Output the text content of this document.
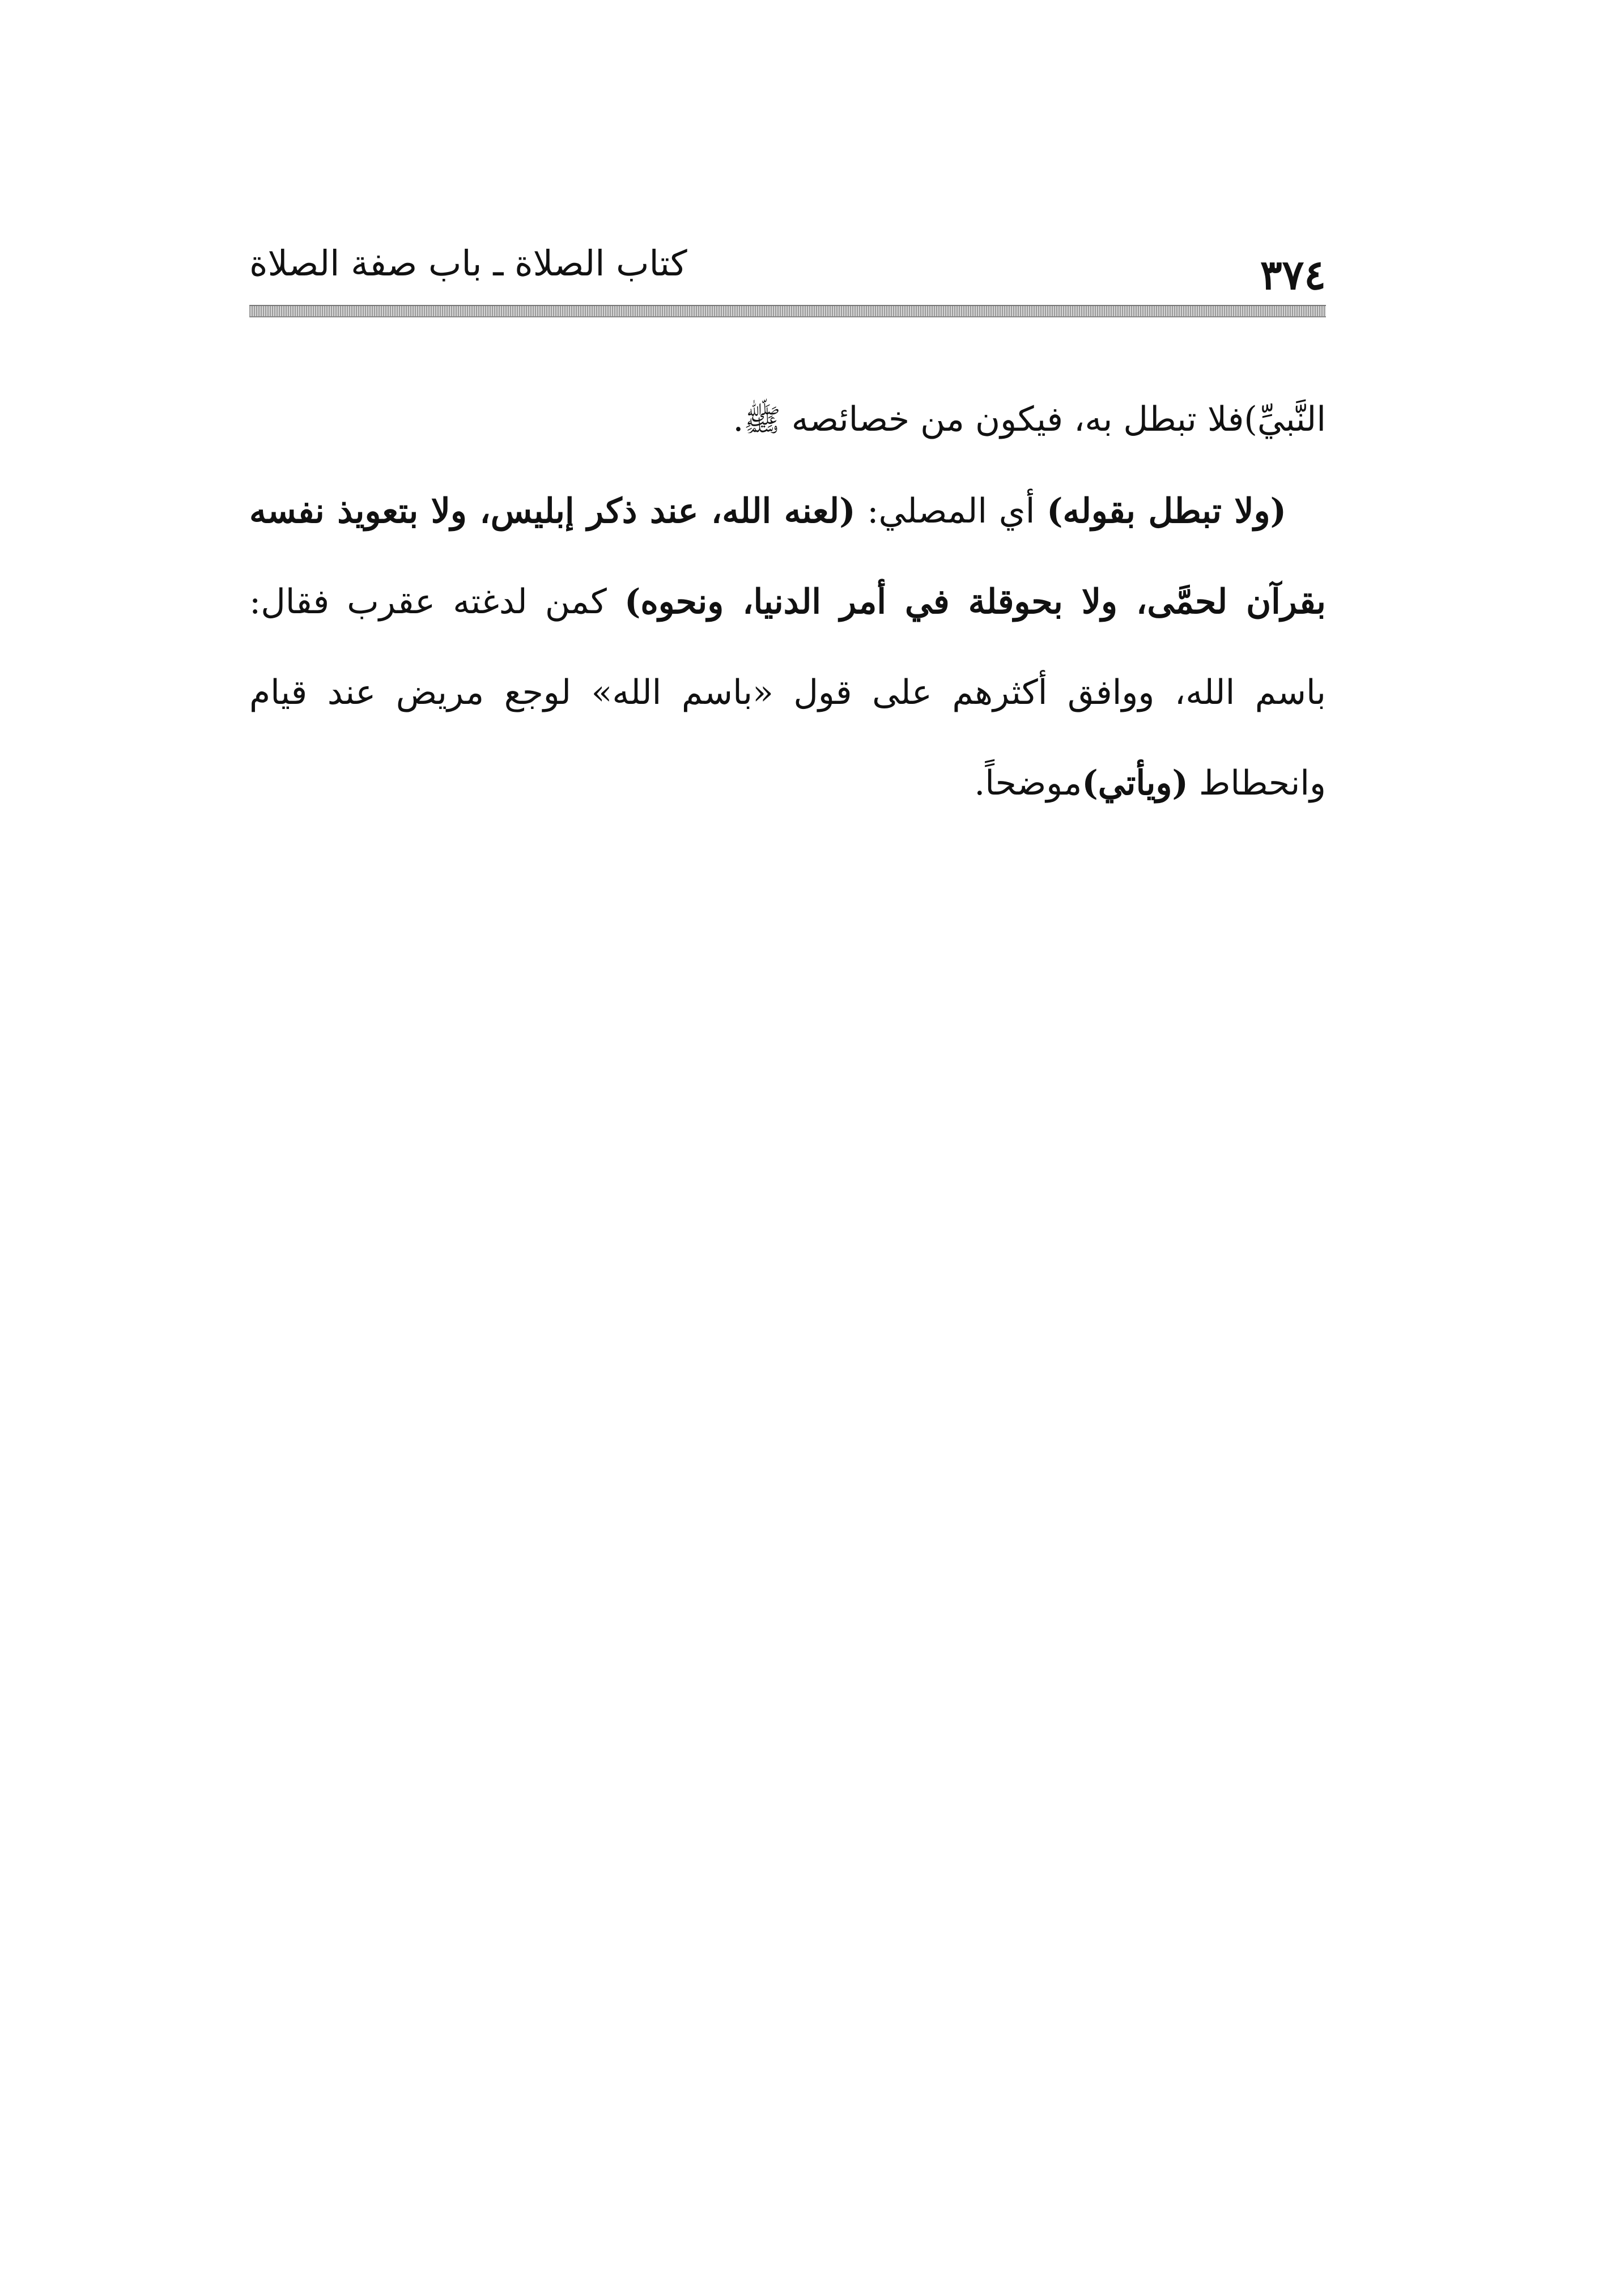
كتاب الصلاة ـ باب صفة الصلاة	٣٧٤

النَّبيِّ)فلا تبطل به، فيكون من خصائصه ﷺ.

(ولا تبطل بقوله) أي المصلي: (لعنه الله، عند ذكر إبليس، ولا بتعويذ نفسه بقرآن لحمَّى، ولا بحوقلة في أمر الدنيا، ونحوه) كمن لدغته عقرب فقال: باسم الله، ووافق أكثرهم على قول «باسم الله» لوجع مريض عند قيام وانحطاط (ويأتي)موضحاً.
